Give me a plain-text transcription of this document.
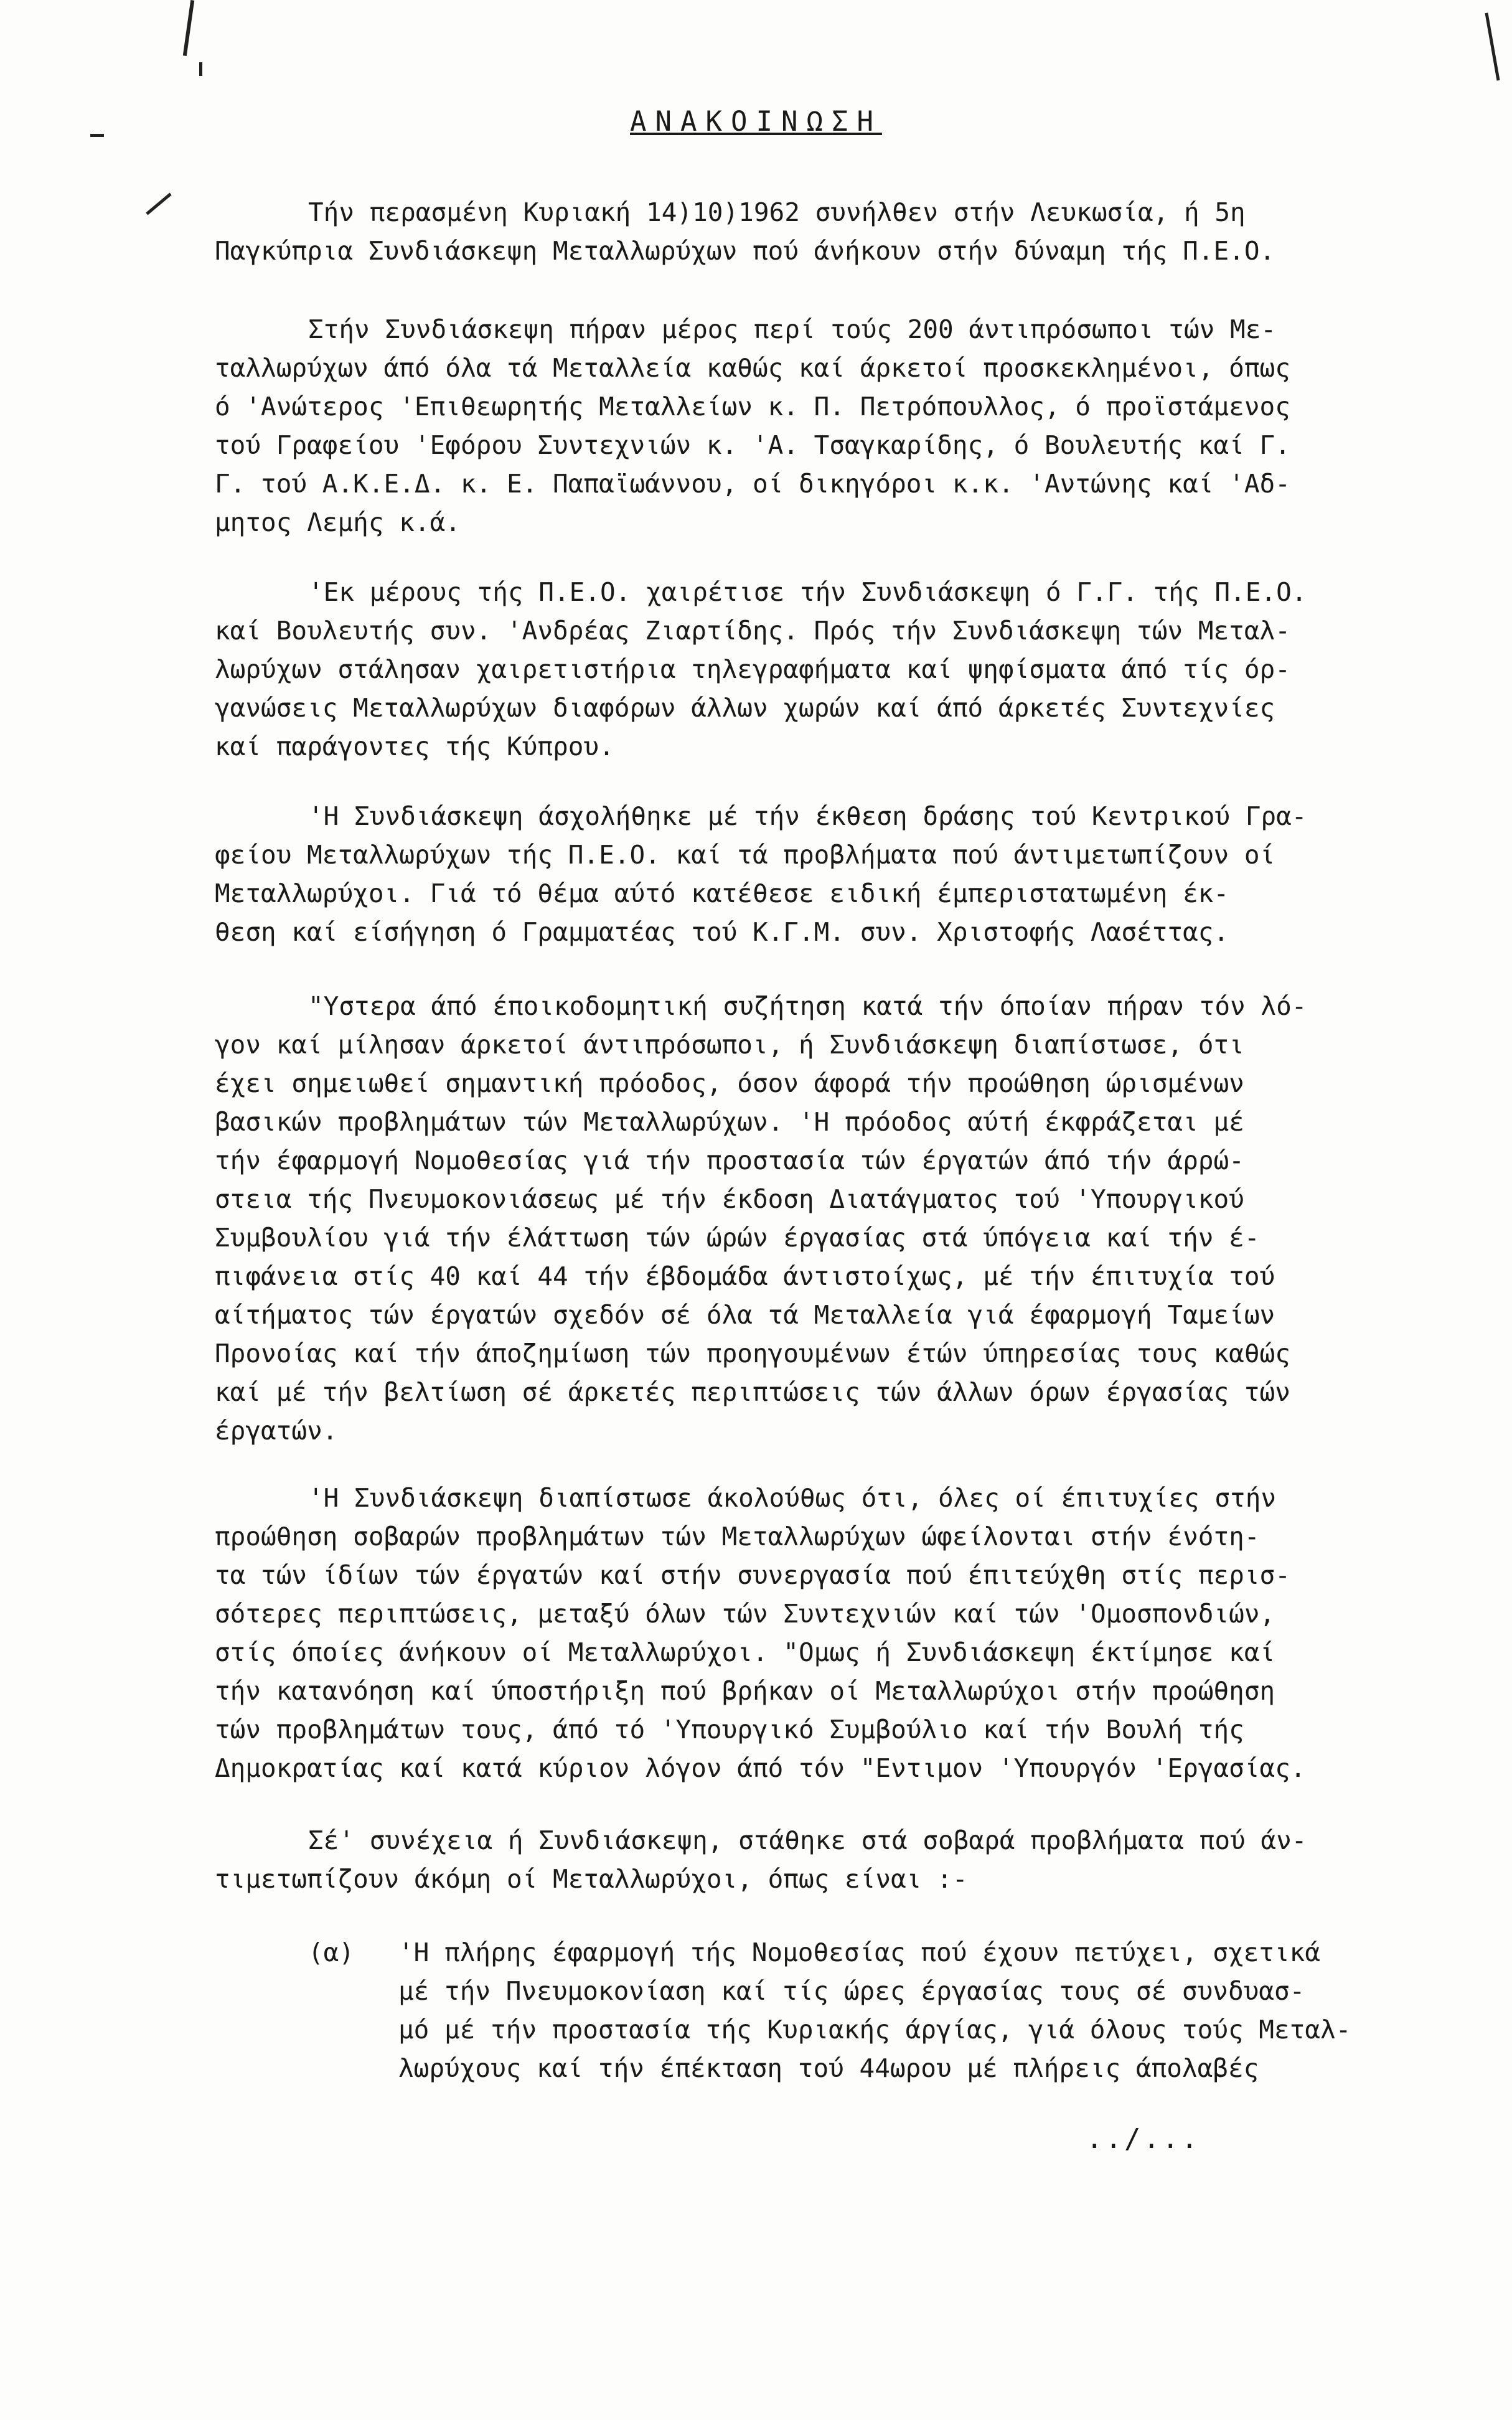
ΑΝΑΚΟΙΝΩΣΗ
Τήν περασμένη Κυριακή 14)10)1962 συνήλθεν στήν Λευκωσία, ή 5η
Παγκύπρια Συνδιάσκεψη Μεταλλωρύχων πού άνήκουν στήν δύναμη τής Π.Ε.Ο.
Στήν Συνδιάσκεψη πήραν μέρος περί τούς 200 άντιπρόσωποι τών Με-
ταλλωρύχων άπό όλα τά Μεταλλεία καθώς καί άρκετοί προσκεκλημένοι, όπως
ό 'Ανώτερος 'Επιθεωρητής Μεταλλείων κ. Π. Πετρόπουλλος, ό προϊστάμενος
τού Γραφείου 'Εφόρου Συντεχνιών κ. 'Α. Τσαγκαρίδης, ό Βουλευτής καί Γ.
Γ. τού Α.Κ.Ε.Δ. κ. Ε. Παπαϊωάννου, οί δικηγόροι κ.κ. 'Αντώνης καί 'Αδ-
μητος Λεμής κ.ά.
'Εκ μέρους τής Π.Ε.Ο. χαιρέτισε τήν Συνδιάσκεψη ό Γ.Γ. τής Π.Ε.Ο.
καί Βουλευτής συν. 'Ανδρέας Ζιαρτίδης. Πρός τήν Συνδιάσκεψη τών Μεταλ-
λωρύχων στάλησαν χαιρετιστήρια τηλεγραφήματα καί ψηφίσματα άπό τίς όρ-
γανώσεις Μεταλλωρύχων διαφόρων άλλων χωρών καί άπό άρκετές Συντεχνίες
καί παράγοντες τής Κύπρου.
'Η Συνδιάσκεψη άσχολήθηκε μέ τήν έκθεση δράσης τού Κεντρικού Γρα-
φείου Μεταλλωρύχων τής Π.Ε.Ο. καί τά προβλήματα πού άντιμετωπίζουν οί
Μεταλλωρύχοι. Γιά τό θέμα αύτό κατέθεσε ειδική έμπεριστατωμένη έκ-
θεση καί είσήγηση ό Γραμματέας τού Κ.Γ.Μ. συν. Χριστοφής Λασέττας.
"Υστερα άπό έποικοδομητική συζήτηση κατά τήν όποίαν πήραν τόν λό-
γον καί μίλησαν άρκετοί άντιπρόσωποι, ή Συνδιάσκεψη διαπίστωσε, ότι
έχει σημειωθεί σημαντική πρόοδος, όσον άφορά τήν προώθηση ώρισμένων
βασικών προβλημάτων τών Μεταλλωρύχων. 'Η πρόοδος αύτή έκφράζεται μέ
τήν έφαρμογή Νομοθεσίας γιά τήν προστασία τών έργατών άπό τήν άρρώ-
στεια τής Πνευμοκονιάσεως μέ τήν έκδοση Διατάγματος τού 'Υπουργικού
Συμβουλίου γιά τήν έλάττωση τών ώρών έργασίας στά ύπόγεια καί τήν έ-
πιφάνεια στίς 40 καί 44 τήν έβδομάδα άντιστοίχως, μέ τήν έπιτυχία τού
αίτήματος τών έργατών σχεδόν σέ όλα τά Μεταλλεία γιά έφαρμογή Ταμείων
Προνοίας καί τήν άποζημίωση τών προηγουμένων έτών ύπηρεσίας τους καθώς
καί μέ τήν βελτίωση σέ άρκετές περιπτώσεις τών άλλων όρων έργασίας τών
έργατών.
'Η Συνδιάσκεψη διαπίστωσε άκολούθως ότι, όλες οί έπιτυχίες στήν
προώθηση σοβαρών προβλημάτων τών Μεταλλωρύχων ώφείλονται στήν ένότη-
τα τών ίδίων τών έργατών καί στήν συνεργασία πού έπιτεύχθη στίς περισ-
σότερες περιπτώσεις, μεταξύ όλων τών Συντεχνιών καί τών 'Ομοσπονδιών,
στίς όποίες άνήκουν οί Μεταλλωρύχοι. "Ομως ή Συνδιάσκεψη έκτίμησε καί
τήν κατανόηση καί ύποστήριξη πού βρήκαν οί Μεταλλωρύχοι στήν προώθηση
τών προβλημάτων τους, άπό τό 'Υπουργικό Συμβούλιο καί τήν Βουλή τής
Δημοκρατίας καί κατά κύριον λόγον άπό τόν "Εντιμον 'Υπουργόν 'Εργασίας.
Σέ' συνέχεια ή Συνδιάσκεψη, στάθηκε στά σοβαρά προβλήματα πού άν-
τιμετωπίζουν άκόμη οί Μεταλλωρύχοι, όπως είναι :-
(α) 'Η πλήρης έφαρμογή τής Νομοθεσίας πού έχουν πετύχει, σχετικά
μέ τήν Πνευμοκονίαση καί τίς ώρες έργασίας τους σέ συνδυασ-
μό μέ τήν προστασία τής Κυριακής άργίας, γιά όλους τούς Μεταλ-
λωρύχους καί τήν έπέκταση τού 44ωρου μέ πλήρεις άπολαβές
../...
